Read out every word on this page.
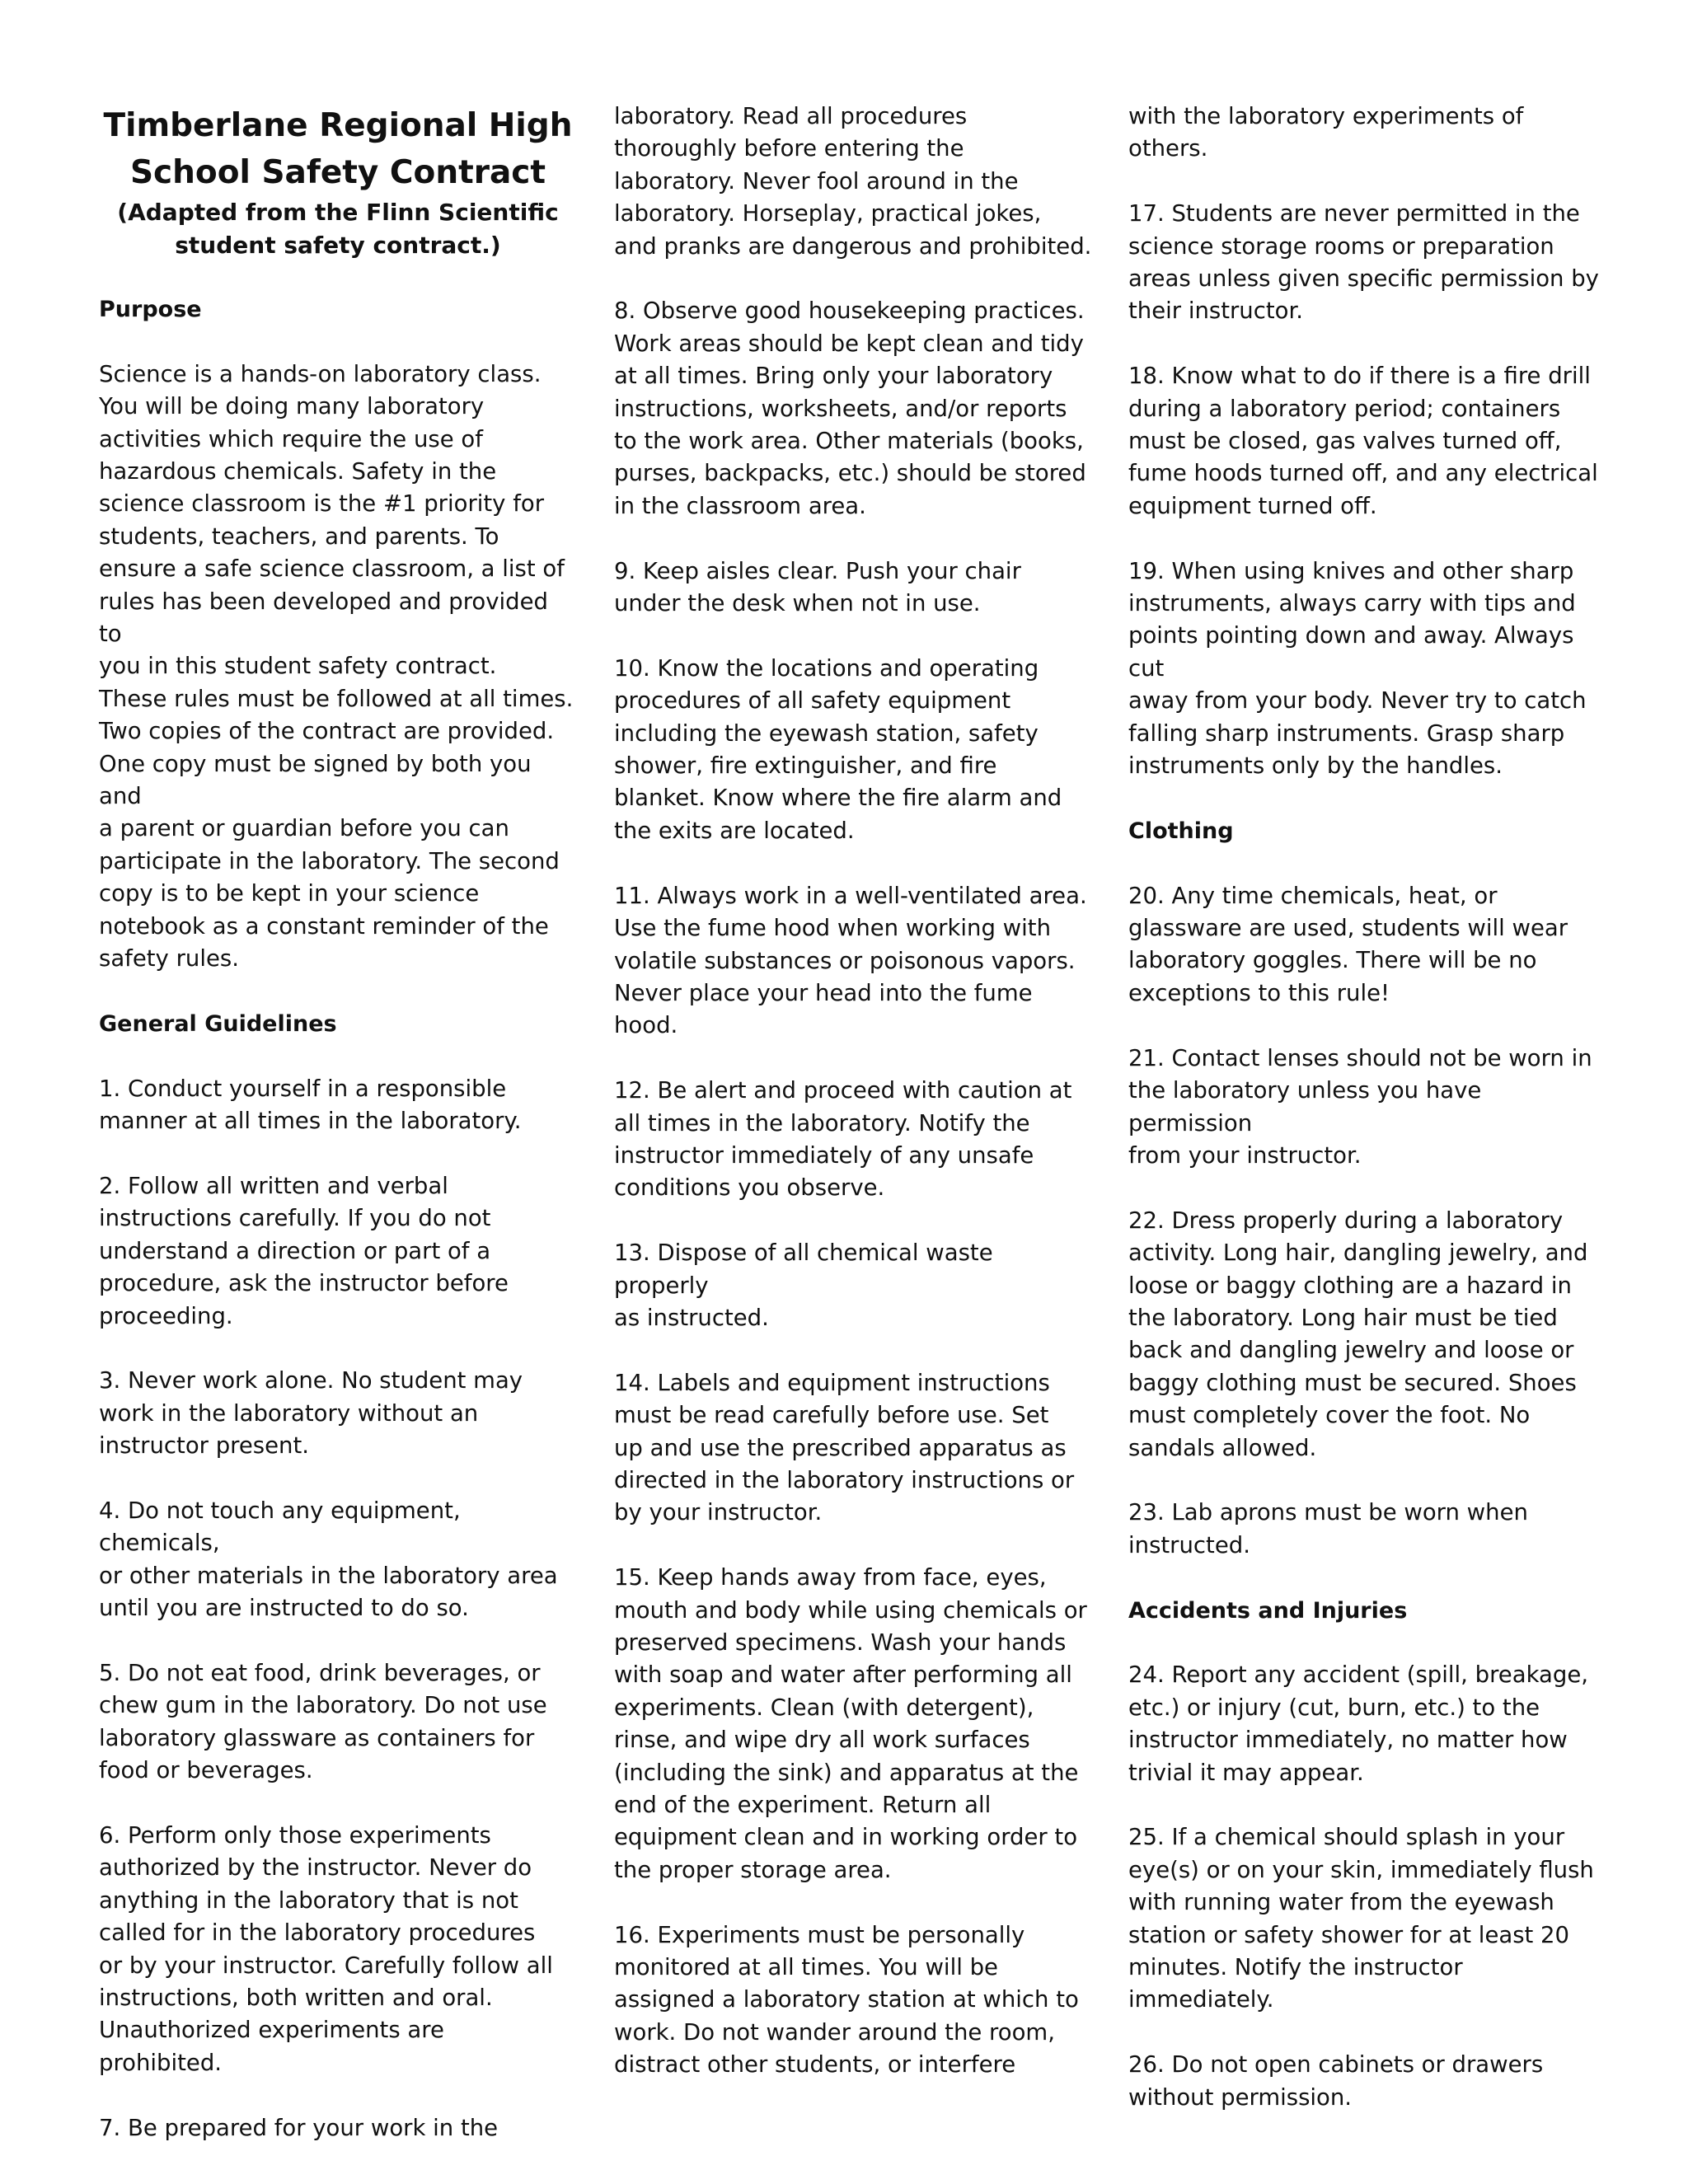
Timberlane Regional High
School Safety Contract
(Adapted from the Flinn Scientific
student safety contract.)
Purpose
Science is a hands-on laboratory class.
You will be doing many laboratory
activities which require the use of
hazardous chemicals. Safety in the
science classroom is the #1 priority for
students, teachers, and parents. To
ensure a safe science classroom, a list of
rules has been developed and provided to
you in this student safety contract.
These rules must be followed at all times.
Two copies of the contract are provided.
One copy must be signed by both you and
a parent or guardian before you can
participate in the laboratory. The second
copy is to be kept in your science
notebook as a constant reminder of the
safety rules.
General Guidelines
1. Conduct yourself in a responsible
manner at all times in the laboratory.
2. Follow all written and verbal
instructions carefully. If you do not
understand a direction or part of a
procedure, ask the instructor before
proceeding.
3. Never work alone. No student may
work in the laboratory without an
instructor present.
4. Do not touch any equipment, chemicals,
or other materials in the laboratory area
until you are instructed to do so.
5. Do not eat food, drink beverages, or
chew gum in the laboratory. Do not use
laboratory glassware as containers for
food or beverages.
6. Perform only those experiments
authorized by the instructor. Never do
anything in the laboratory that is not
called for in the laboratory procedures
or by your instructor. Carefully follow all
instructions, both written and oral.
Unauthorized experiments are
prohibited.
7. Be prepared for your work in the
laboratory. Read all procedures
thoroughly before entering the
laboratory. Never fool around in the
laboratory. Horseplay, practical jokes,
and pranks are dangerous and prohibited.
8. Observe good housekeeping practices.
Work areas should be kept clean and tidy
at all times. Bring only your laboratory
instructions, worksheets, and/or reports
to the work area. Other materials (books,
purses, backpacks, etc.) should be stored
in the classroom area.
9. Keep aisles clear. Push your chair
under the desk when not in use.
10. Know the locations and operating
procedures of all safety equipment
including the eyewash station, safety
shower, fire extinguisher, and fire
blanket. Know where the fire alarm and
the exits are located.
11. Always work in a well-ventilated area.
Use the fume hood when working with
volatile substances or poisonous vapors.
Never place your head into the fume
hood.
12. Be alert and proceed with caution at
all times in the laboratory. Notify the
instructor immediately of any unsafe
conditions you observe.
13. Dispose of all chemical waste properly
as instructed.
14. Labels and equipment instructions
must be read carefully before use. Set
up and use the prescribed apparatus as
directed in the laboratory instructions or
by your instructor.
15. Keep hands away from face, eyes,
mouth and body while using chemicals or
preserved specimens. Wash your hands
with soap and water after performing all
experiments. Clean (with detergent),
rinse, and wipe dry all work surfaces
(including the sink) and apparatus at the
end of the experiment. Return all
equipment clean and in working order to
the proper storage area.
16. Experiments must be personally
monitored at all times. You will be
assigned a laboratory station at which to
work. Do not wander around the room,
distract other students, or interfere
with the laboratory experiments of
others.
17. Students are never permitted in the
science storage rooms or preparation
areas unless given specific permission by
their instructor.
18. Know what to do if there is a fire drill
during a laboratory period; containers
must be closed, gas valves turned off,
fume hoods turned off, and any electrical
equipment turned off.
19. When using knives and other sharp
instruments, always carry with tips and
points pointing down and away. Always cut
away from your body. Never try to catch
falling sharp instruments. Grasp sharp
instruments only by the handles.
Clothing
20. Any time chemicals, heat, or
glassware are used, students will wear
laboratory goggles. There will be no
exceptions to this rule!
21. Contact lenses should not be worn in
the laboratory unless you have permission
from your instructor.
22. Dress properly during a laboratory
activity. Long hair, dangling jewelry, and
loose or baggy clothing are a hazard in
the laboratory. Long hair must be tied
back and dangling jewelry and loose or
baggy clothing must be secured. Shoes
must completely cover the foot. No
sandals allowed.
23. Lab aprons must be worn when
instructed.
Accidents and Injuries
24. Report any accident (spill, breakage,
etc.) or injury (cut, burn, etc.) to the
instructor immediately, no matter how
trivial it may appear.
25. If a chemical should splash in your
eye(s) or on your skin, immediately flush
with running water from the eyewash
station or safety shower for at least 20
minutes. Notify the instructor
immediately.
26. Do not open cabinets or drawers
without permission.
